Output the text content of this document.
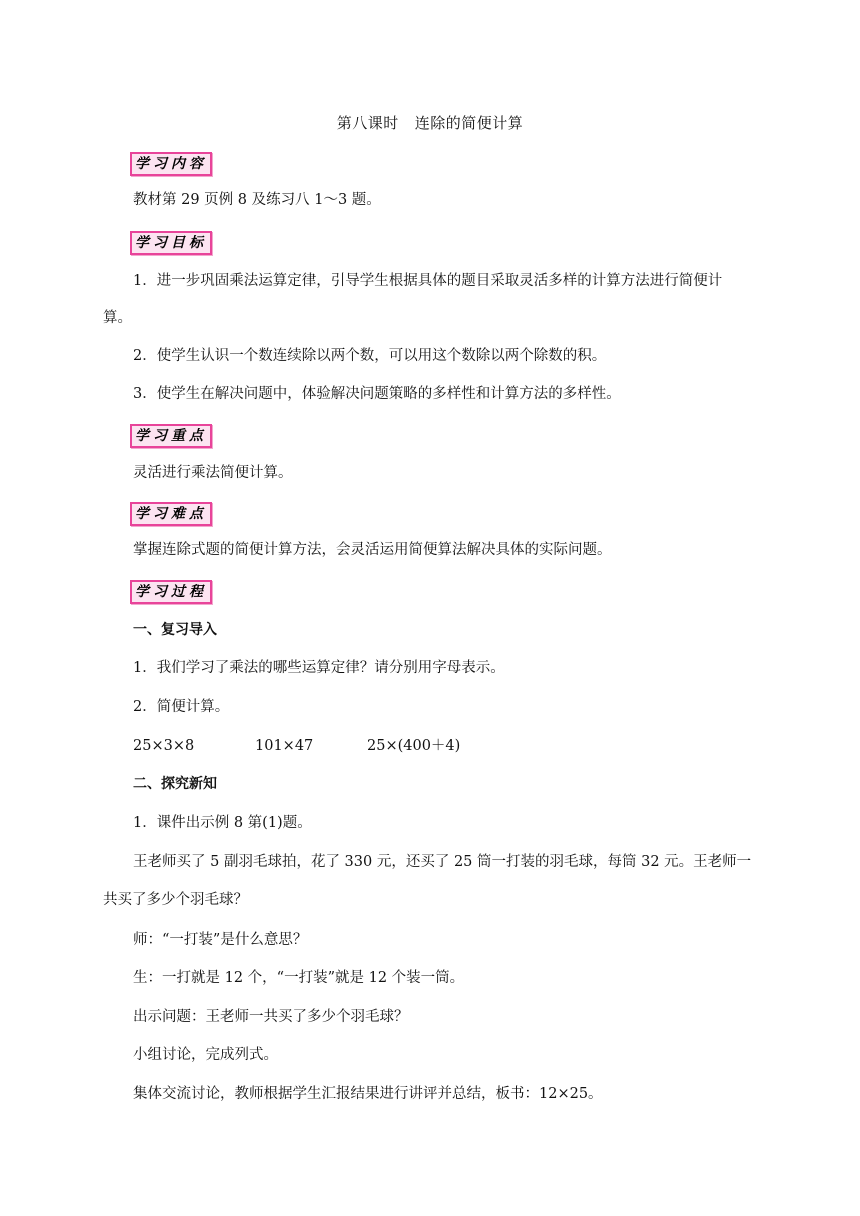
第八课时 连除的简便计算
学习内容
教材第 29 页例 8 及练习八 1～3 题。
学习目标
1．进一步巩固乘法运算定律，引导学生根据具体的题目采取灵活多样的计算方法进行简便计
算。
2．使学生认识一个数连续除以两个数，可以用这个数除以两个除数的积。
3．使学生在解决问题中，体验解决问题策略的多样性和计算方法的多样性。
学习重点
灵活进行乘法简便计算。
学习难点
掌握连除式题的简便计算方法，会灵活运用简便算法解决具体的实际问题。
学习过程
一、复习导入
1．我们学习了乘法的哪些运算定律？请分别用字母表示。
2．简便计算。
25×3×8	101×47	25×(400＋4)
二、探究新知
1．课件出示例 8 第(1)题。
王老师买了 5 副羽毛球拍，花了 330 元，还买了 25 筒一打装的羽毛球，每筒 32 元。王老师一
共买了多少个羽毛球？
师：“一打装”是什么意思？
生：一打就是 12 个，“一打装”就是 12 个装一筒。
出示问题：王老师一共买了多少个羽毛球？
小组讨论，完成列式。
集体交流讨论，教师根据学生汇报结果进行讲评并总结，板书：12×25。
